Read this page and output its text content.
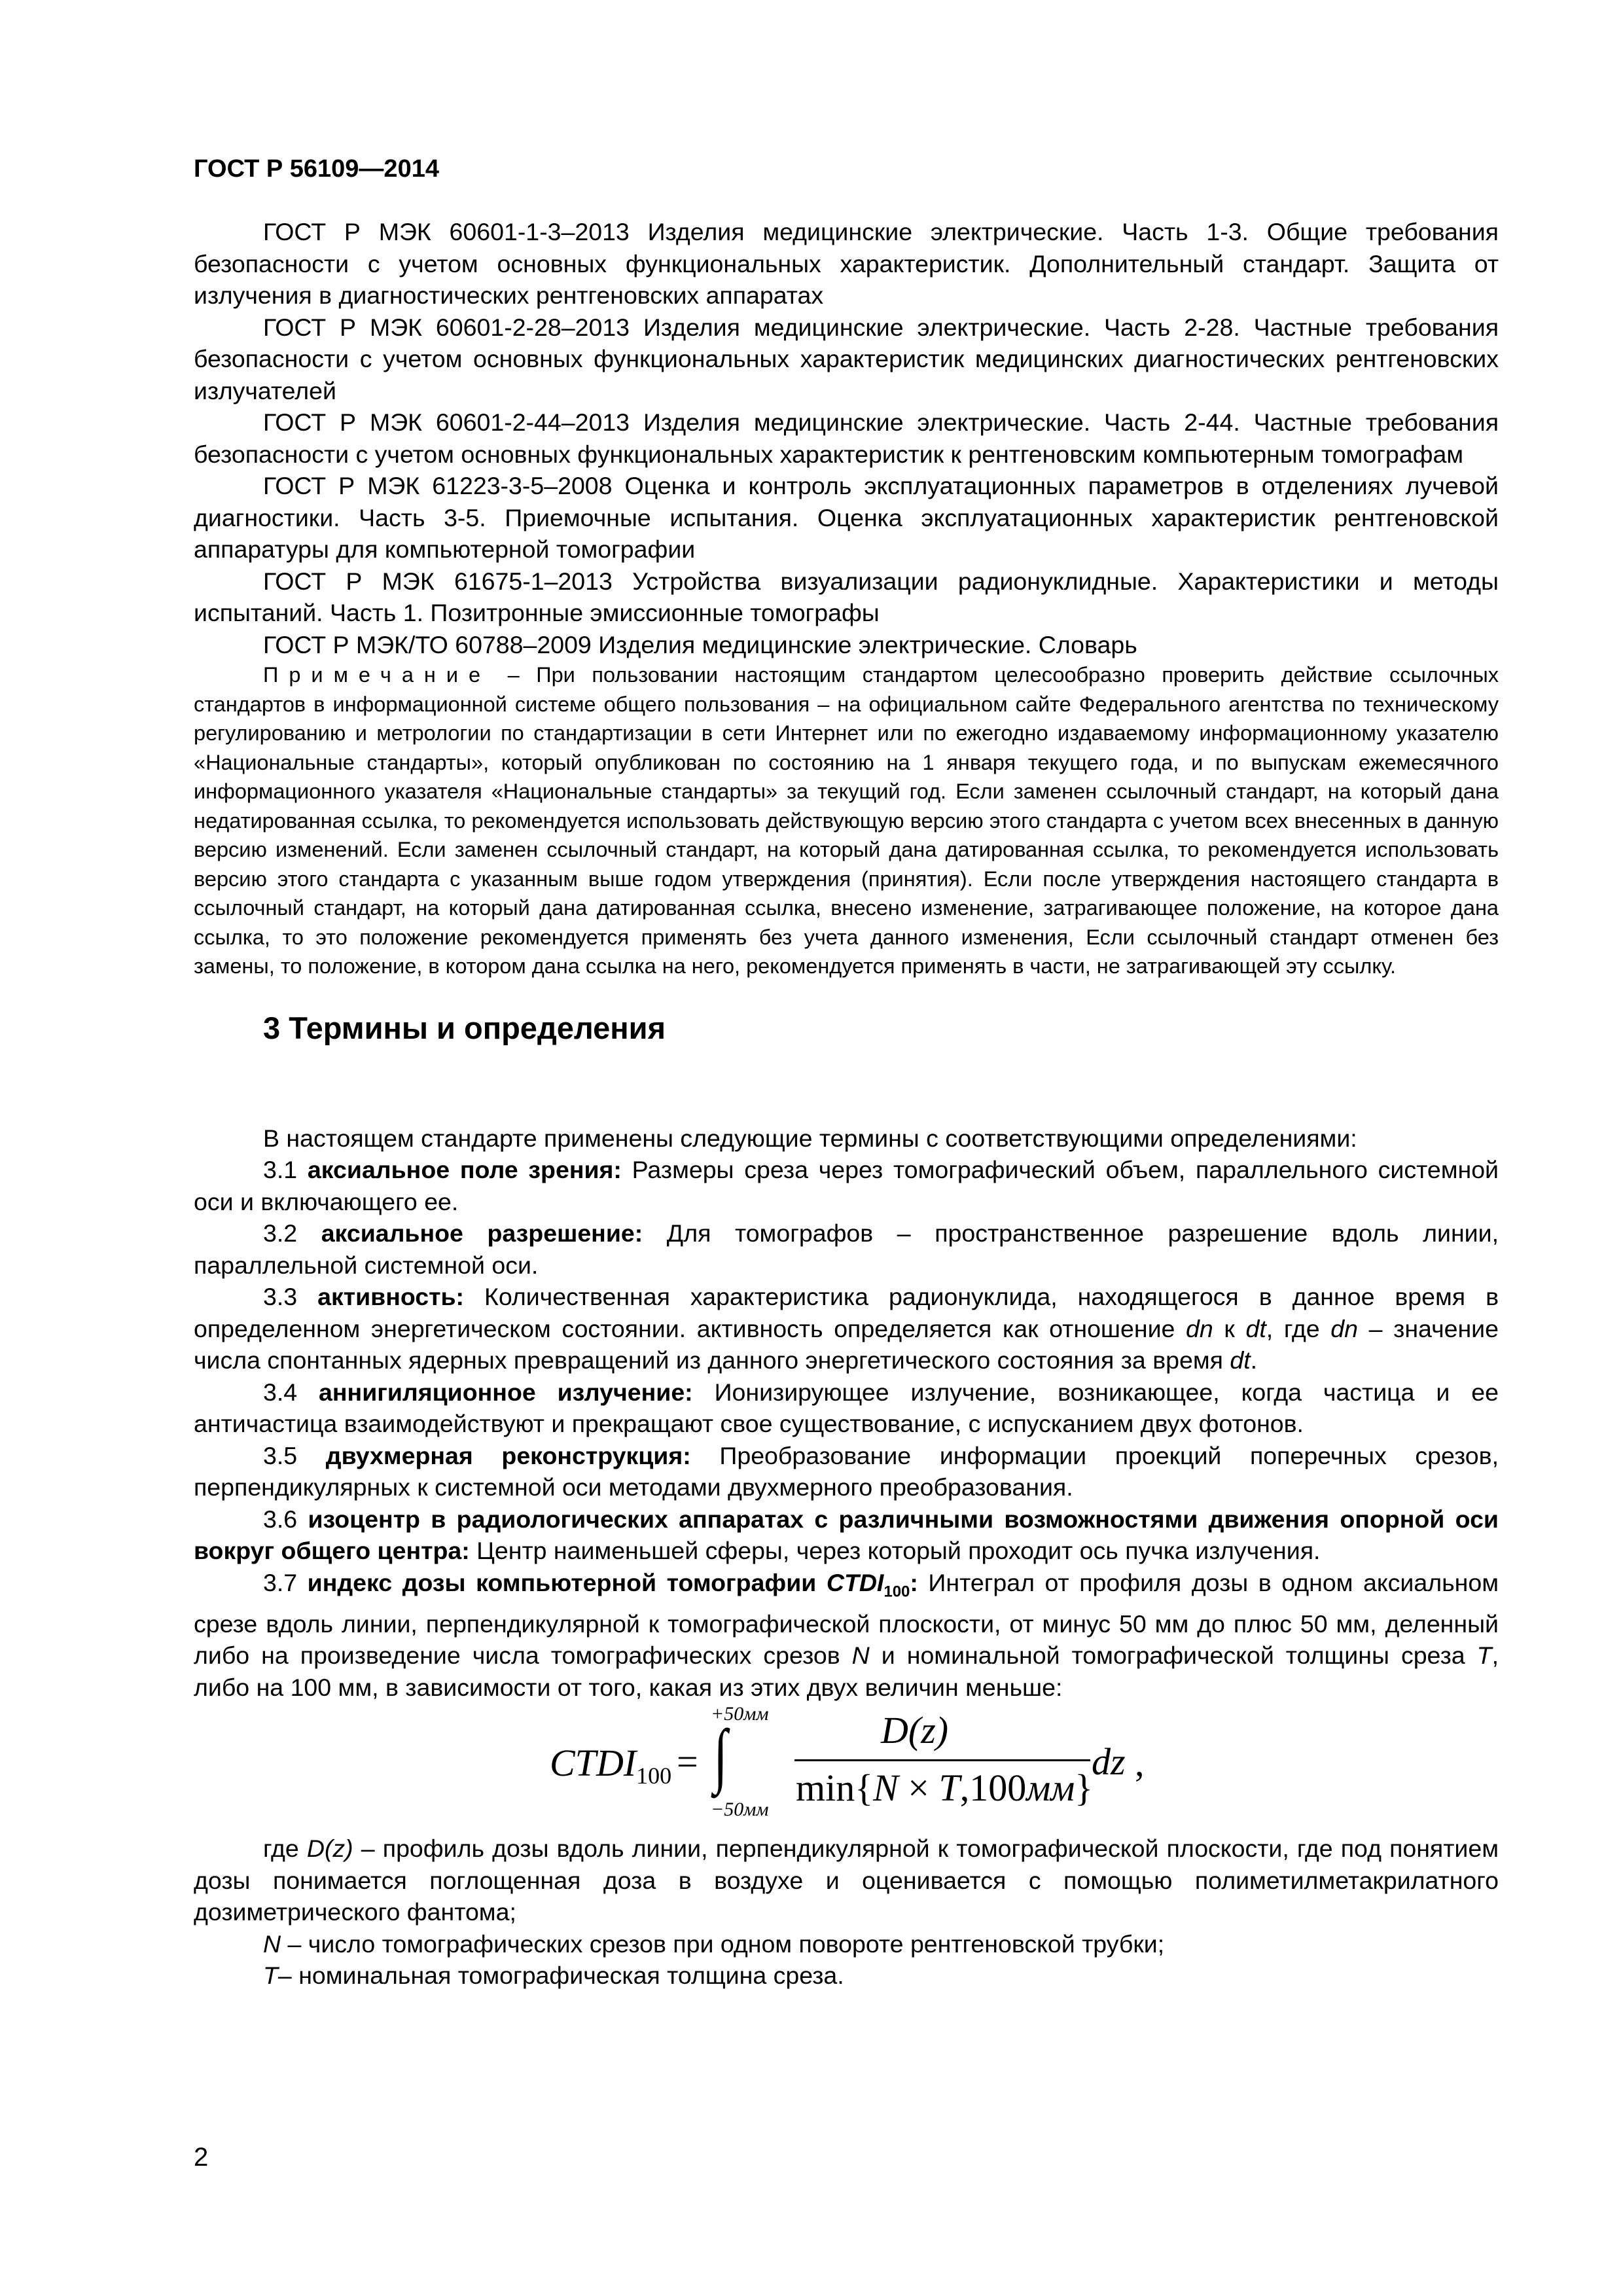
ГОСТ Р 56109—2014

ГОСТ Р МЭК 60601-1-3–2013 Изделия медицинские электрические. Часть 1-3. Общие требования безопасности с учетом основных функциональных характеристик. Дополнительный стандарт. Защита от излучения в диагностических рентгеновских аппаратах

ГОСТ Р МЭК 60601-2-28–2013 Изделия медицинские электрические. Часть 2-28. Частные требования безопасности с учетом основных функциональных характеристик медицинских диагностических рентгеновских излучателей

ГОСТ Р МЭК 60601-2-44–2013 Изделия медицинские электрические. Часть 2-44. Частные требования безопасности с учетом основных функциональных характеристик к рентгеновским компьютерным томографам

ГОСТ Р МЭК 61223-3-5–2008 Оценка и контроль эксплуатационных параметров в отделениях лучевой диагностики. Часть 3-5. Приемочные испытания. Оценка эксплуатационных характеристик рентгеновской аппаратуры для компьютерной томографии

ГОСТ Р МЭК 61675-1–2013 Устройства визуализации радионуклидные. Характеристики и методы испытаний. Часть 1. Позитронные эмиссионные томографы

ГОСТ Р МЭК/ТО 60788–2009 Изделия медицинские электрические. Словарь

Примечание – При пользовании настоящим стандартом целесообразно проверить действие ссылочных стандартов в информационной системе общего пользования – на официальном сайте Федерального агентства по техническому регулированию и метрологии по стандартизации в сети Интернет или по ежегодно издаваемому информационному указателю «Национальные стандарты», который опубликован по состоянию на 1 января текущего года, и по выпускам ежемесячного информационного указателя «Национальные стандарты» за текущий год. Если заменен ссылочный стандарт, на который дана недатированная ссылка, то рекомендуется использовать действующую версию этого стандарта с учетом всех внесенных в данную версию изменений. Если заменен ссылочный стандарт, на который дана датированная ссылка, то рекомендуется использовать версию этого стандарта с указанным выше годом утверждения (принятия). Если после утверждения настоящего стандарта в ссылочный стандарт, на который дана датированная ссылка, внесено изменение, затрагивающее положение, на которое дана ссылка, то это положение рекомендуется применять без учета данного изменения, Если ссылочный стандарт отменен без замены, то положение, в котором дана ссылка на него, рекомендуется применять в части, не затрагивающей эту ссылку.

3 Термины и определения

В настоящем стандарте применены следующие термины с соответствующими определениями:

3.1 аксиальное поле зрения: Размеры среза через томографический объем, параллельного системной оси и включающего ее.

3.2 аксиальное разрешение: Для томографов – пространственное разрешение вдоль линии, параллельной системной оси.

3.3 активность: Количественная характеристика радионуклида, находящегося в данное время в определенном энергетическом состоянии. активность определяется как отношение dn к dt, где dn – значение числа спонтанных ядерных превращений из данного энергетического состояния за время dt.

3.4 аннигиляционное излучение: Ионизирующее излучение, возникающее, когда частица и ее античастица взаимодействуют и прекращают свое существование, с испусканием двух фотонов.

3.5 двухмерная реконструкция: Преобразование информации проекций поперечных срезов, перпендикулярных к системной оси методами двухмерного преобразования.

3.6 изоцентр в радиологических аппаратах с различными возможностями движения опорной оси вокруг общего центра: Центр наименьшей сферы, через который проходит ось пучка излучения.

3.7 индекс дозы компьютерной томографии $CTDI_{100}$: Интеграл от профиля дозы в одном аксиальном срезе вдоль линии, перпендикулярной к томографической плоскости, от минус 50 мм до плюс 50 мм, деленный либо на произведение числа томографических срезов N и номинальной томографической толщины среза T, либо на 100 мм, в зависимости от того, какая из этих двух величин меньше:

$CTDI_{100}$ =
+50мм
∫
−50мм
D(z)
min{N × T,100мм}
dz ,

где D(z) – профиль дозы вдоль линии, перпендикулярной к томографической плоскости, где под понятием дозы понимается поглощенная доза в воздухе и оценивается с помощью полиметилметакрилатного дозиметрического фантома;

N – число томографических срезов при одном повороте рентгеновской трубки;

T– номинальная томографическая толщина среза.

2
